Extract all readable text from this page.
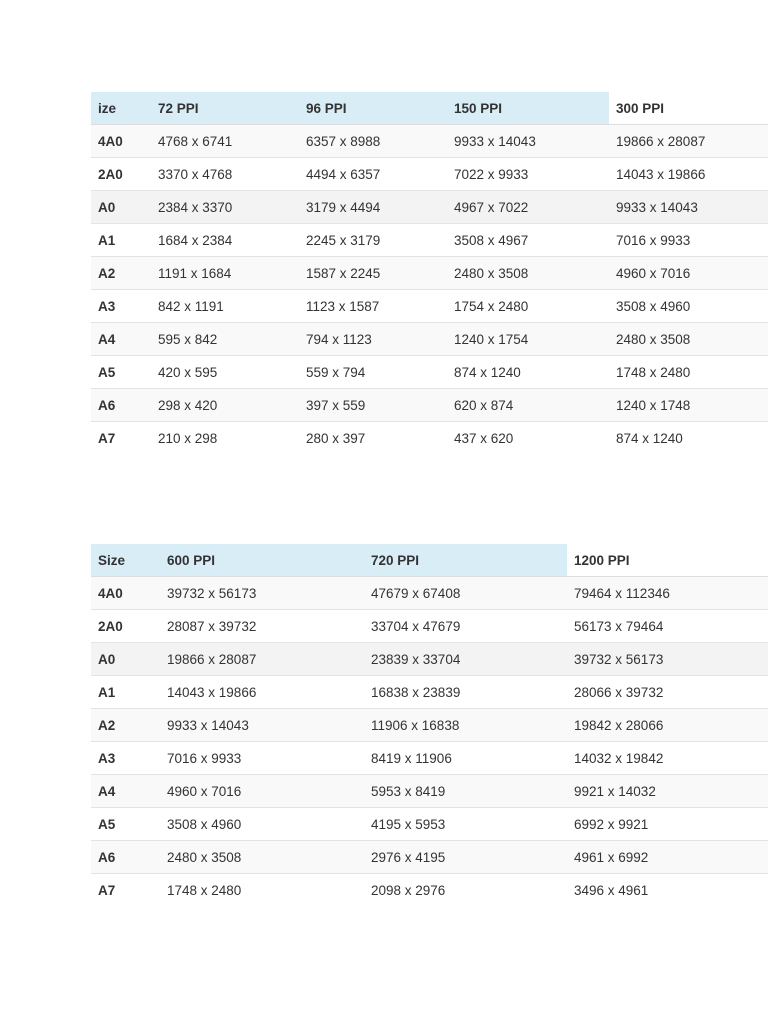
ize	72 PPI	96 PPI	150 PPI	300 PPI
4A0	4768 x 6741	6357 x 8988	9933 x 14043	19866 x 28087
2A0	3370 x 4768	4494 x 6357	7022 x 9933	14043 x 19866
A0	2384 x 3370	3179 x 4494	4967 x 7022	9933 x 14043
A1	1684 x 2384	2245 x 3179	3508 x 4967	7016 x 9933
A2	1191 x 1684	1587 x 2245	2480 x 3508	4960 x 7016
A3	842 x 1191	1123 x 1587	1754 x 2480	3508 x 4960
A4	595 x 842	794 x 1123	1240 x 1754	2480 x 3508
A5	420 x 595	559 x 794	874 x 1240	1748 x 2480
A6	298 x 420	397 x 559	620 x 874	1240 x 1748
A7	210 x 298	280 x 397	437 x 620	874 x 1240
Size	600 PPI	720 PPI	1200 PPI
4A0	39732 x 56173	47679 x 67408	79464 x 112346
2A0	28087 x 39732	33704 x 47679	56173 x 79464
A0	19866 x 28087	23839 x 33704	39732 x 56173
A1	14043 x 19866	16838 x 23839	28066 x 39732
A2	9933 x 14043	11906 x 16838	19842 x 28066
A3	7016 x 9933	8419 x 11906	14032 x 19842
A4	4960 x 7016	5953 x 8419	9921 x 14032
A5	3508 x 4960	4195 x 5953	6992 x 9921
A6	2480 x 3508	2976 x 4195	4961 x 6992
A7	1748 x 2480	2098 x 2976	3496 x 4961
